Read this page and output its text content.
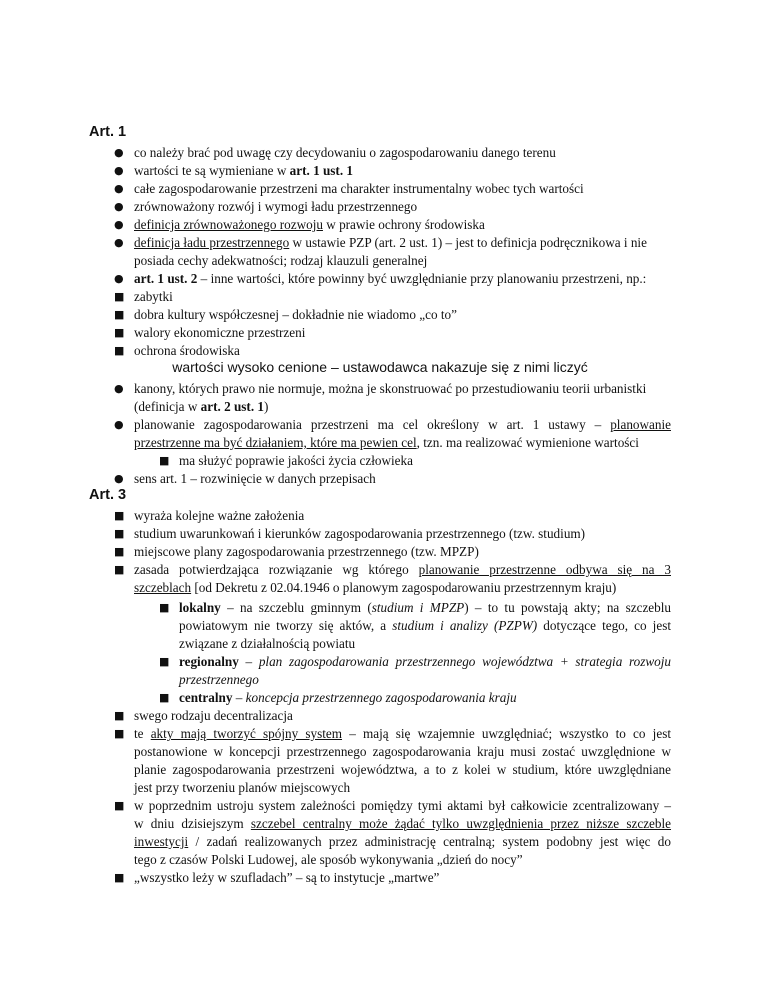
Art. 1
● co należy brać pod uwagę czy decydowaniu o zagospodarowaniu danego terenu
● wartości te są wymieniane w art. 1 ust. 1
● całe zagospodarowanie przestrzeni ma charakter instrumentalny wobec tych wartości
● zrównoważony rozwój i wymogi ładu przestrzennego
● definicja zrównoważonego rozwoju w prawie ochrony środowiska
● definicja ładu przestrzennego w ustawie PZP (art. 2 ust. 1) – jest to definicja podręcznikowa i nie
posiada cechy adekwatności; rodzaj klauzuli generalnej
● art. 1 ust. 2 – inne wartości, które powinny być uwzględnianie przy planowaniu przestrzeni, np.:
■ zabytki
■ dobra kultury współczesnej – dokładnie nie wiadomo „co to”
■ walory ekonomiczne przestrzeni
■ ochrona środowiska
wartości wysoko cenione – ustawodawca nakazuje się z nimi liczyć
● kanony, których prawo nie normuje, można je skonstruować po przestudiowaniu teorii urbanistki
(definicja w art. 2 ust. 1)
● planowanie zagospodarowania przestrzeni ma cel określony w art. 1 ustawy – planowanie
przestrzenne ma być działaniem, które ma pewien cel, tzn. ma realizować wymienione wartości
■ ma służyć poprawie jakości życia człowieka
● sens art. 1 – rozwinięcie w danych przepisach
Art. 3
■ wyraża kolejne ważne założenia
■ studium uwarunkowań i kierunków zagospodarowania przestrzennego (tzw. studium)
■ miejscowe plany zagospodarowania przestrzennego (tzw. MPZP)
■ zasada potwierdzająca rozwiązanie wg którego planowanie przestrzenne odbywa się na 3
szczeblach [od Dekretu z 02.04.1946 o planowym zagospodarowaniu przestrzennym kraju)
■ lokalny – na szczeblu gminnym (studium i MPZP) – to tu powstają akty; na szczeblu
powiatowym nie tworzy się aktów, a studium i analizy (PZPW) dotyczące tego, co jest
związane z działalnością powiatu
■ regionalny – plan zagospodarowania przestrzennego województwa + strategia rozwoju
przestrzennego
■ centralny – koncepcja przestrzennego zagospodarowania kraju
■ swego rodzaju decentralizacja
■ te akty mają tworzyć spójny system – mają się wzajemnie uwzględniać; wszystko to co jest
postanowione w koncepcji przestrzennego zagospodarowania kraju musi zostać uwzględnione w
planie zagospodarowania przestrzeni województwa, a to z kolei w studium, które uwzględniane
jest przy tworzeniu planów miejscowych
■ w poprzednim ustroju system zależności pomiędzy tymi aktami był całkowicie zcentralizowany –
w dniu dzisiejszym szczebel centralny może żądać tylko uwzględnienia przez niższe szczeble
inwestycji / zadań realizowanych przez administrację centralną; system podobny jest więc do
tego z czasów Polski Ludowej, ale sposób wykonywania „dzień do nocy”
■ „wszystko leży w szufladach” – są to instytucje „martwe”
